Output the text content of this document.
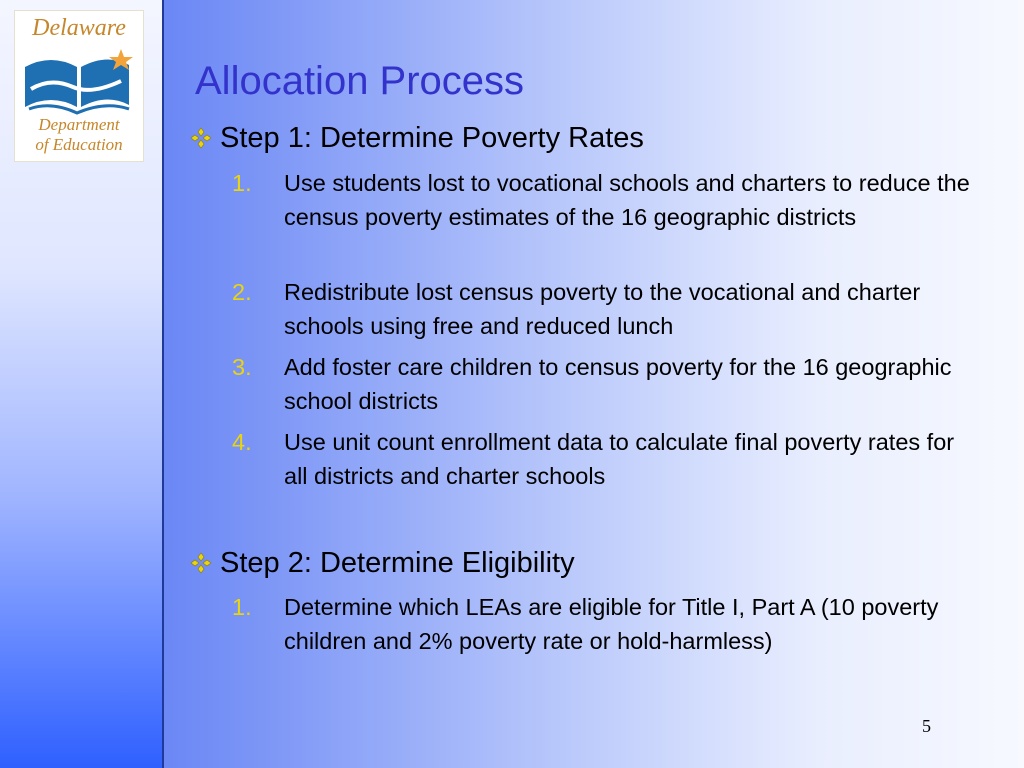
Delaware
Department
of Education
Allocation Process
Step 1: Determine Poverty Rates
1. Use students lost to vocational schools and charters to reduce the census poverty estimates of the 16 geographic districts
2. Redistribute lost census poverty to the vocational and charter schools using free and reduced lunch
3. Add foster care children to census poverty for the 16 geographic school districts
4. Use unit count enrollment data to calculate final poverty rates for all districts and charter schools
Step 2: Determine Eligibility
1. Determine which LEAs are eligible for Title I, Part A (10 poverty children and 2% poverty rate or hold-harmless)
5
